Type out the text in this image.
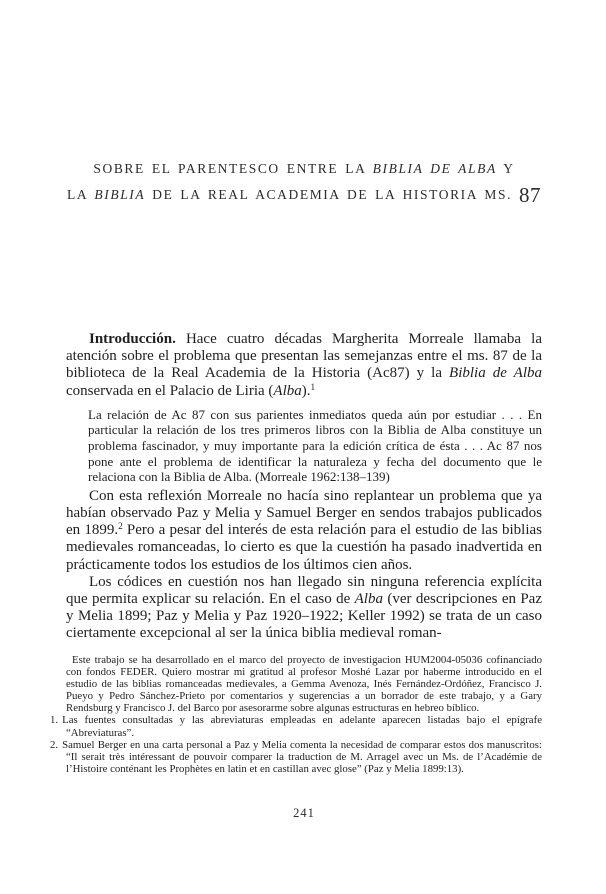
SOBRE EL PARENTESCO ENTRE LA BIBLIA DE ALBA Y
LA BIBLIA DE LA REAL ACADEMIA DE LA HISTORIA MS. 87

Introducción. Hace cuatro décadas Margherita Morreale llamaba la atención sobre el problema que presentan las semejanzas entre el ms. 87 de la biblioteca de la Real Academia de la Historia (Ac87) y la Biblia de Alba conservada en el Palacio de Liria (Alba).$^1$

La relación de Ac 87 con sus parientes inmediatos queda aún por estudiar . . . En particular la relación de los tres primeros libros con la Biblia de Alba constituye un problema fascinador, y muy importante para la edición crítica de ésta . . . Ac 87 nos pone ante el problema de identificar la naturaleza y fecha del documento que le relaciona con la Biblia de Alba. (Morreale 1962:138–139)

Con esta reflexión Morreale no hacía sino replantear un problema que ya habían observado Paz y Melia y Samuel Berger en sendos trabajos publicados en 1899.$^2$ Pero a pesar del interés de esta relación para el estudio de las biblias medievales romanceadas, lo cierto es que la cuestión ha pasado inadvertida en prácticamente todos los estudios de los últimos cien años.

Los códices en cuestión nos han llegado sin ninguna referencia explícita que permita explicar su relación. En el caso de Alba (ver descripciones en Paz y Melia 1899; Paz y Melia y Paz 1920–1922; Keller 1992) se trata de un caso ciertamente excepcional al ser la única biblia medieval roman-

Este trabajo se ha desarrollado en el marco del proyecto de investigacion HUM2004-05036 cofinanciado con fondos FEDER. Quiero mostrar mi gratitud al profesor Moshé Lazar por haberme introducido en el estudio de las biblias romanceadas medievales, a Gemma Avenoza, Inés Fernández-Ordóñez, Francisco J. Pueyo y Pedro Sánchez-Prieto por comentarios y sugerencias a un borrador de este trabajo, y a Gary Rendsburg y Francisco J. del Barco por asesorarme sobre algunas estructuras en hebreo bíblico.

1. Las fuentes consultadas y las abreviaturas empleadas en adelante aparecen listadas bajo el epígrafe “Abreviaturas”.

2. Samuel Berger en una carta personal a Paz y Melia comenta la necesidad de comparar estos dos manuscritos: “Il serait très intéressant de pouvoir comparer la traduction de M. Arragel avec un Ms. de l’Académie de l’Histoire conténant les Prophètes en latin et en castillan avec glose” (Paz y Melia 1899:13).

241
